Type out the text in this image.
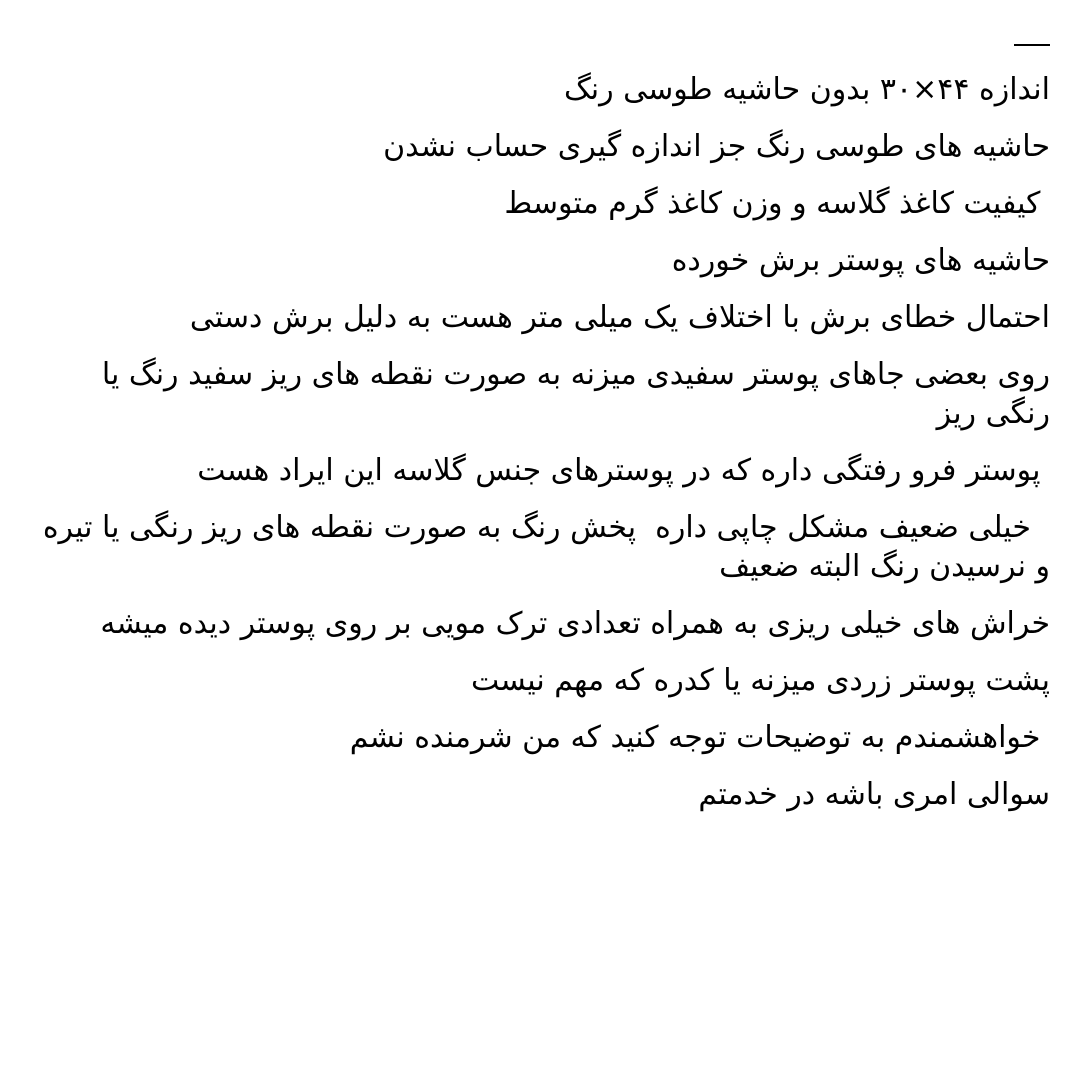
اندازه ۴۴×۳۰ بدون حاشیه طوسی رنگ
حاشیه های طوسی رنگ جز اندازه گیری حساب نشدن
کیفیت کاغذ گلاسه و وزن کاغذ گرم متوسط
حاشیه های پوستر برش خورده
احتمال خطای برش با اختلاف یک میلی متر هست به دلیل برش دستی
روی بعضی جاهای پوستر سفیدی میزنه به صورت نقطه های ریز سفید رنگ یا  رنگی ریز
پوستر فرو رفتگی داره که در پوسترهای جنس گلاسه این ایراد هست
خیلی ضعیف مشکل چاپی داره  پخش رنگ به صورت نقطه های ریز رنگی یا تیره و نرسیدن رنگ البته ضعیف
خراش های خیلی ریزی به همراه تعدادی ترک مویی بر روی پوستر دیده میشه
پشت پوستر زردی میزنه یا کدره که مهم نیست
خواهشمندم به توضیحات توجه کنید که من شرمنده نشم
سوالی امری باشه در خدمتم
